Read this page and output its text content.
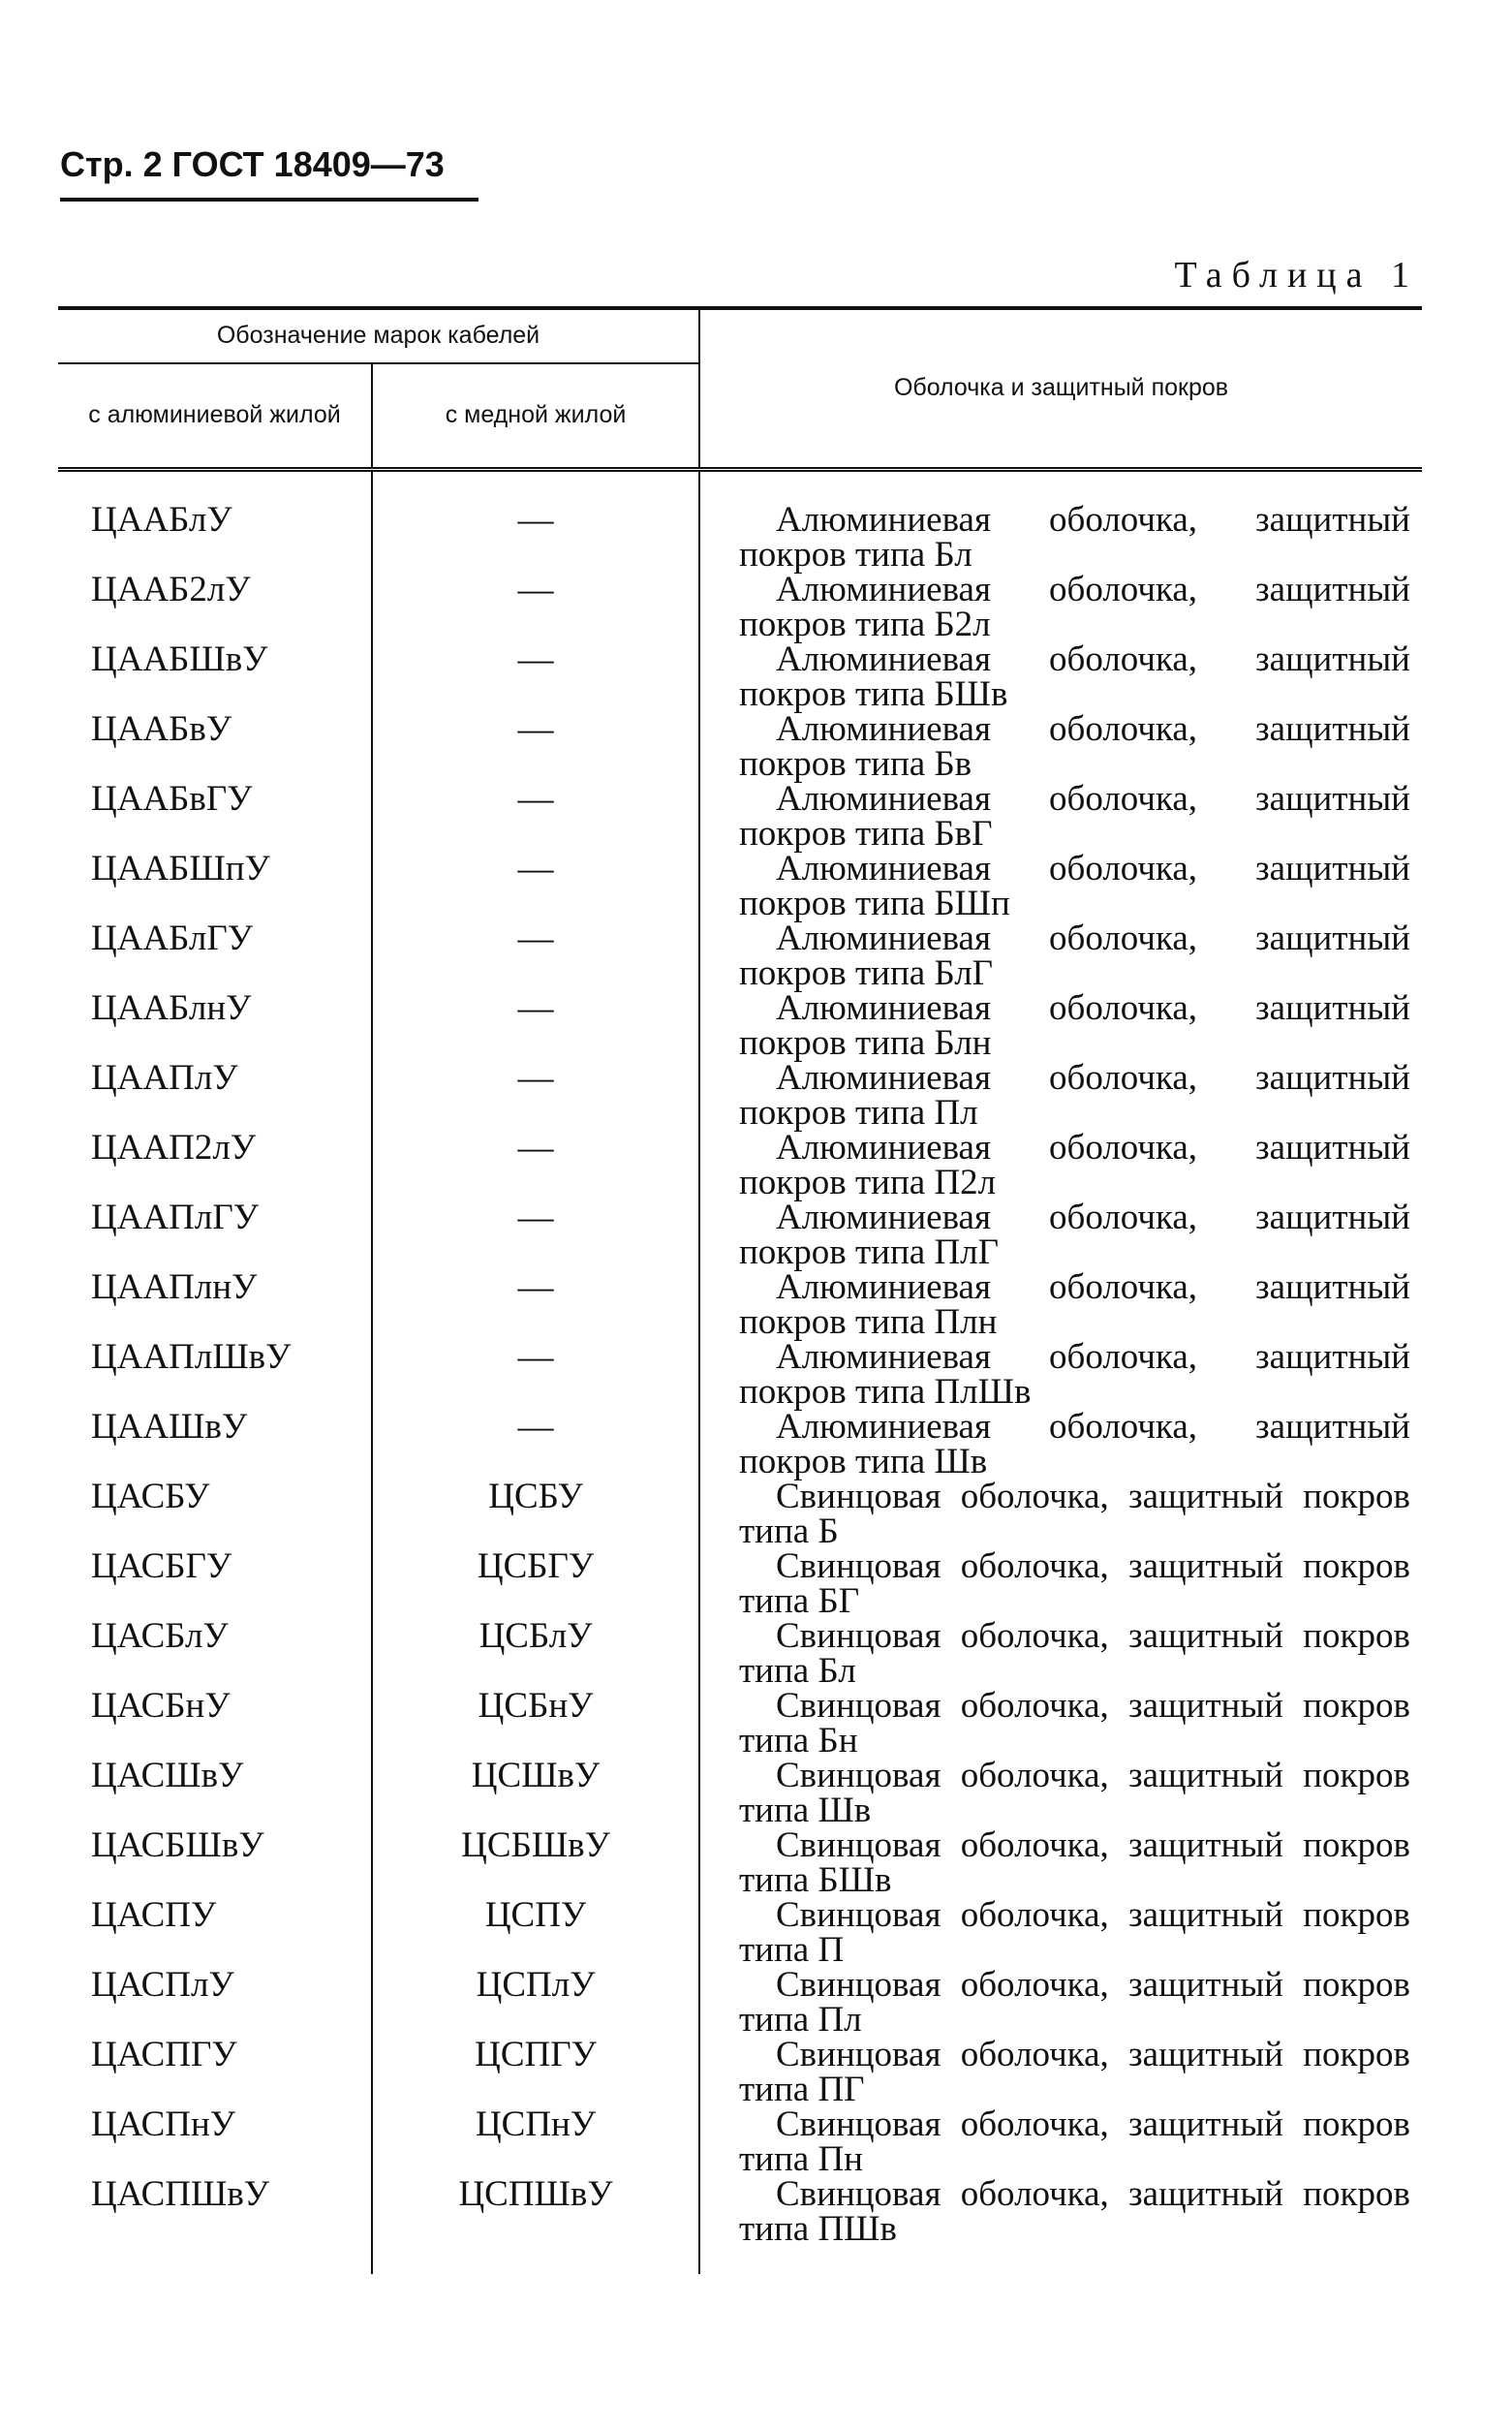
Стр. 2 ГОСТ 18409—73
Таблица 1
Обозначение марок кабелей		Оболочка и защитный покров
с алюминиевой жилой	с медной жилой	
ЦААБлУ	—	Алюминиевая оболочка, защитный покров типа Бл
ЦААБ2лУ	—	Алюминиевая оболочка, защитный покров типа Б2л
ЦААБШвУ	—	Алюминиевая оболочка, защитный покров типа БШв
ЦААБвУ	—	Алюминиевая оболочка, защитный покров типа Бв
ЦААБвГУ	—	Алюминиевая оболочка, защитный покров типа БвГ
ЦААБШпУ	—	Алюминиевая оболочка, защитный покров типа БШп
ЦААБлГУ	—	Алюминиевая оболочка, защитный покров типа БлГ
ЦААБлнУ	—	Алюминиевая оболочка, защитный покров типа Блн
ЦААПлУ	—	Алюминиевая оболочка, защитный покров типа Пл
ЦААП2лУ	—	Алюминиевая оболочка, защитный покров типа П2л
ЦААПлГУ	—	Алюминиевая оболочка, защитный покров типа ПлГ
ЦААПлнУ	—	Алюминиевая оболочка, защитный покров типа Плн
ЦААПлШвУ	—	Алюминиевая оболочка, защитный покров типа ПлШв
ЦААШвУ	—	Алюминиевая оболочка, защитный покров типа Шв
ЦАСБУ	ЦСБУ	Свинцовая оболочка, защитный покров типа Б
ЦАСБГУ	ЦСБГУ	Свинцовая оболочка, защитный покров типа БГ
ЦАСБлУ	ЦСБлУ	Свинцовая оболочка, защитный покров типа Бл
ЦАСБнУ	ЦСБнУ	Свинцовая оболочка, защитный покров типа Бн
ЦАСШвУ	ЦСШвУ	Свинцовая оболочка, защитный покров типа Шв
ЦАСБШвУ	ЦСБШвУ	Свинцовая оболочка, защитный покров типа БШв
ЦАСПУ	ЦСПУ	Свинцовая оболочка, защитный покров типа П
ЦАСПлУ	ЦСПлУ	Свинцовая оболочка, защитный покров типа Пл
ЦАСПГУ	ЦСПГУ	Свинцовая оболочка, защитный покров типа ПГ
ЦАСПнУ	ЦСПнУ	Свинцовая оболочка, защитный покров типа Пн
ЦАСПШвУ	ЦСПШвУ	Свинцовая оболочка, защитный покров типа ПШв
